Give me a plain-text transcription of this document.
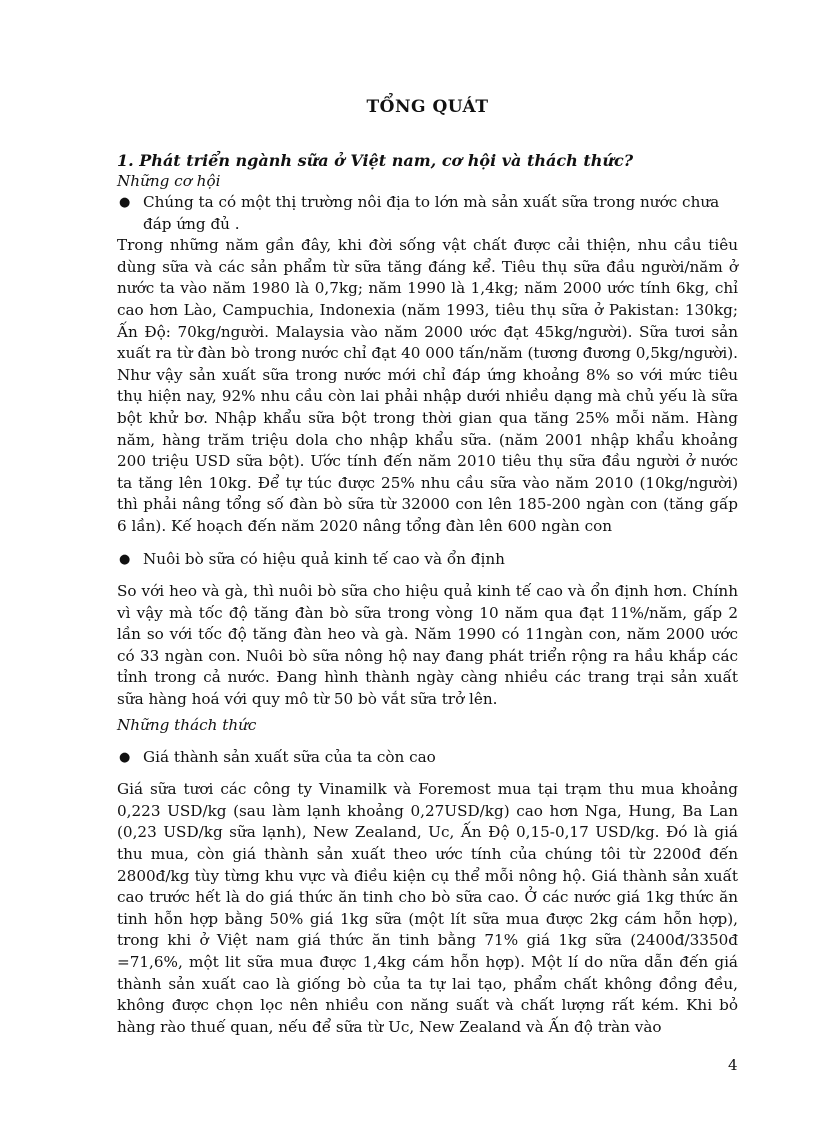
TỔNG QUÁT

1. Phát triển ngành sữa ở Việt nam, cơ hội và thách thức?

Những cơ hội

● Chúng ta có một thị trường nôi địa to lớn mà sản xuất sữa trong nước chưa đáp ứng đủ .

Trong những năm gần đây, khi đời sống vật chất được cải thiện, nhu cầu tiêu dùng sữa và các sản phẩm từ sữa tăng đáng kể. Tiêu thụ sữa đầu người/năm ở nước ta vào năm 1980 là 0,7kg; năm 1990 là 1,4kg; năm 2000 ước tính 6kg, chỉ cao hơn Lào, Campuchia, Indonexia (năm 1993, tiêu thụ sữa ở Pakistan: 130kg; Ấn Độ: 70kg/người. Malaysia vào năm 2000 ước đạt 45kg/người). Sữa tươi sản xuất ra từ đàn bò trong nước chỉ đạt 40 000 tấn/năm (tương đương 0,5kg/người). Như vậy sản xuất sữa trong nước mới chỉ đáp ứng khoảng 8% so với mức tiêu thụ hiện nay, 92% nhu cầu còn lai phải nhập dưới nhiều dạng mà chủ yếu là sữa bột khử bơ. Nhập khẩu sữa bột trong thời gian qua tăng 25% mỗi năm. Hàng năm, hàng trăm triệu dola cho nhập khẩu sữa. (năm 2001 nhập khẩu khoảng 200 triệu USD sữa bột). Ước tính đến năm 2010 tiêu thụ sữa đầu người ở nước ta tăng lên 10kg. Để tự túc được 25% nhu cầu sữa vào năm 2010 (10kg/người) thì phải nâng tổng số đàn bò sữa từ 32000 con lên 185-200 ngàn con (tăng gấp 6 lần). Kế hoạch đến năm 2020 nâng tổng đàn lên 600 ngàn con

● Nuôi bò sữa có hiệu quả kinh tế cao và ổn định

So với heo và gà, thì nuôi bò sữa cho hiệu quả kinh tế cao và ổn định hơn. Chính vì vậy mà tốc độ tăng đàn bò sữa trong vòng 10 năm qua đạt 11%/năm, gấp 2 lần so với tốc độ tăng đàn heo và gà. Năm 1990 có 11ngàn con, năm 2000 ước có 33 ngàn con. Nuôi bò sữa nông hộ nay đang phát triển rộng ra hầu khắp các tỉnh trong cả nước. Đang hình thành ngày càng nhiều các trang trại sản xuất sữa hàng hoá với quy mô từ 50 bò vắt sữa trở lên.

Những thách thức

● Giá thành sản xuất sữa của ta còn cao

Giá sữa tươi các công ty Vinamilk và Foremost mua tại trạm thu mua khoảng 0,223 USD/kg (sau làm lạnh khoảng 0,27USD/kg) cao hơn Nga, Hung, Ba Lan (0,23 USD/kg sữa lạnh), New Zealand, Uc, Ấn Độ 0,15-0,17 USD/kg. Đó là giá thu mua, còn giá thành sản xuất theo ước tính của chúng tôi từ 2200đ đến 2800đ/kg tùy từng khu vực và điều kiện cụ thể mỗi nông hộ. Giá thành sản xuất cao trước hết là do giá thức ăn tinh cho bò sữa cao. Ở các nước giá 1kg thức ăn tinh hỗn hợp bằng 50% giá 1kg sữa (một lít sữa mua được 2kg cám hỗn hợp), trong khi ở Việt nam giá thức ăn tinh bằng 71% giá 1kg sữa (2400đ/3350đ =71,6%, một lit sữa mua được 1,4kg cám hỗn hợp). Một lí do nữa dẫn đến giá thành sản xuất cao là giống bò của ta tự lai tạo, phẩm chất không đồng đều, không được chọn lọc nên nhiều con năng suất và chất lượng rất kém. Khi bỏ hàng rào thuế quan, nếu để sữa từ Uc, New Zealand và Ấn độ tràn vào

4
